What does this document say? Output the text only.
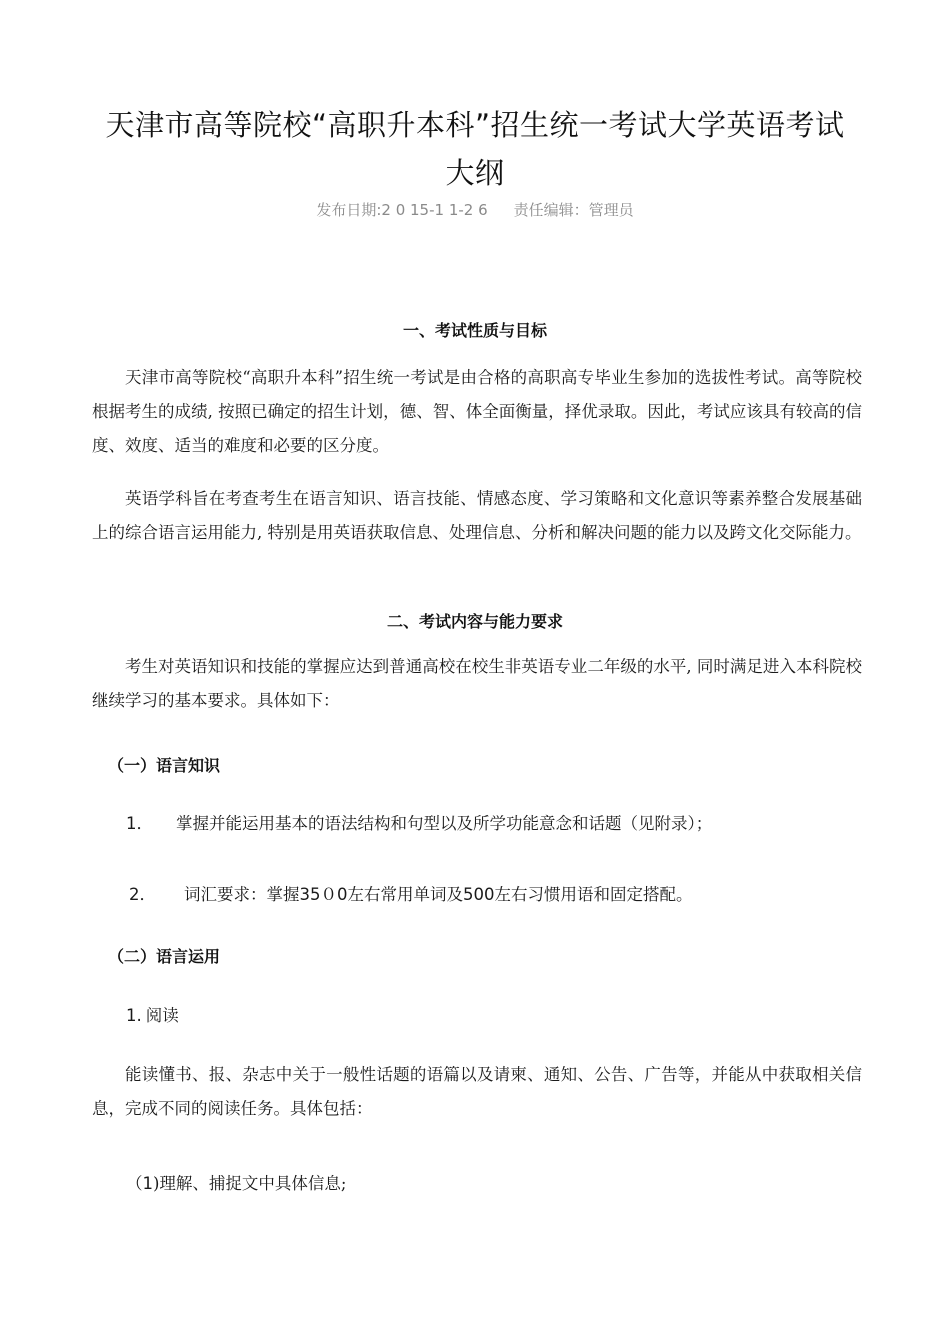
天津市高等院校“高职升本科”招生统一考试大学英语考试
大纲
发布日期:2 0 15-1 1-2 6 责任编辑：管理员
一、考试性质与目标
天津市高等院校“高职升本科”招生统一考试是由合格的高职高专毕业生参加的选拔性考试。高等院校根据考生的成绩, 按照已确定的招生计划，德、智、体全面衡量，择优录取。因此，考试应该具有较高的信度、效度、适当的难度和必要的区分度。
英语学科旨在考查考生在语言知识、语言技能、情感态度、学习策略和文化意识等素养整合发展基础上的综合语言运用能力, 特别是用英语获取信息、处理信息、分析和解决问题的能力以及跨文化交际能力。
二、考试内容与能力要求
考生对英语知识和技能的掌握应达到普通高校在校生非英语专业二年级的水平, 同时满足进入本科院校继续学习的基本要求。具体如下：
（一）语言知识
1． 掌握并能运用基本的语法结构和句型以及所学功能意念和话题（见附录）；
2． 词汇要求：掌握35０0左右常用单词及500左右习惯用语和固定搭配。
（二）语言运用
1. 阅读
能读懂书、报、杂志中关于一般性话题的语篇以及请柬、通知、公告、广告等，并能从中获取相关信息，完成不同的阅读任务。具体包括：
（1)理解、捕捉文中具体信息;
